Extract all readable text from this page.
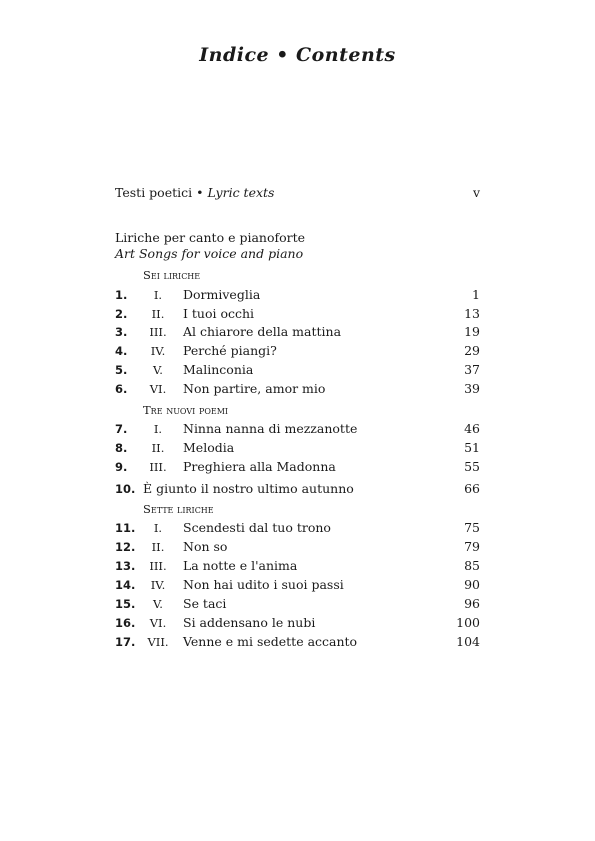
Indice • Contents
Testi poetici • Lyric texts	v
Liriche per canto e pianoforte
Art Songs for voice and piano
Sei liriche
1.	I.	Dormiveglia	1
2.	II.	I tuoi occhi	13
3.	III.	Al chiarore della mattina	19
4.	IV.	Perché piangi?	29
5.	V.	Malinconia	37
6.	VI.	Non partire, amor mio	39
Tre nuovi poemi
7.	I.	Ninna nanna di mezzanotte	46
8.	II.	Melodia	51
9.	III.	Preghiera alla Madonna	55
10. È giunto il nostro ultimo autunno	66
Sette liriche
11.	I.	Scendesti dal tuo trono	75
12.	II.	Non so	79
13.	III.	La notte e l'anima	85
14.	IV.	Non hai udito i suoi passi	90
15.	V.	Se taci	96
16.	VI.	Si addensano le nubi	100
17.	VII.	Venne e mi sedette accanto	104
